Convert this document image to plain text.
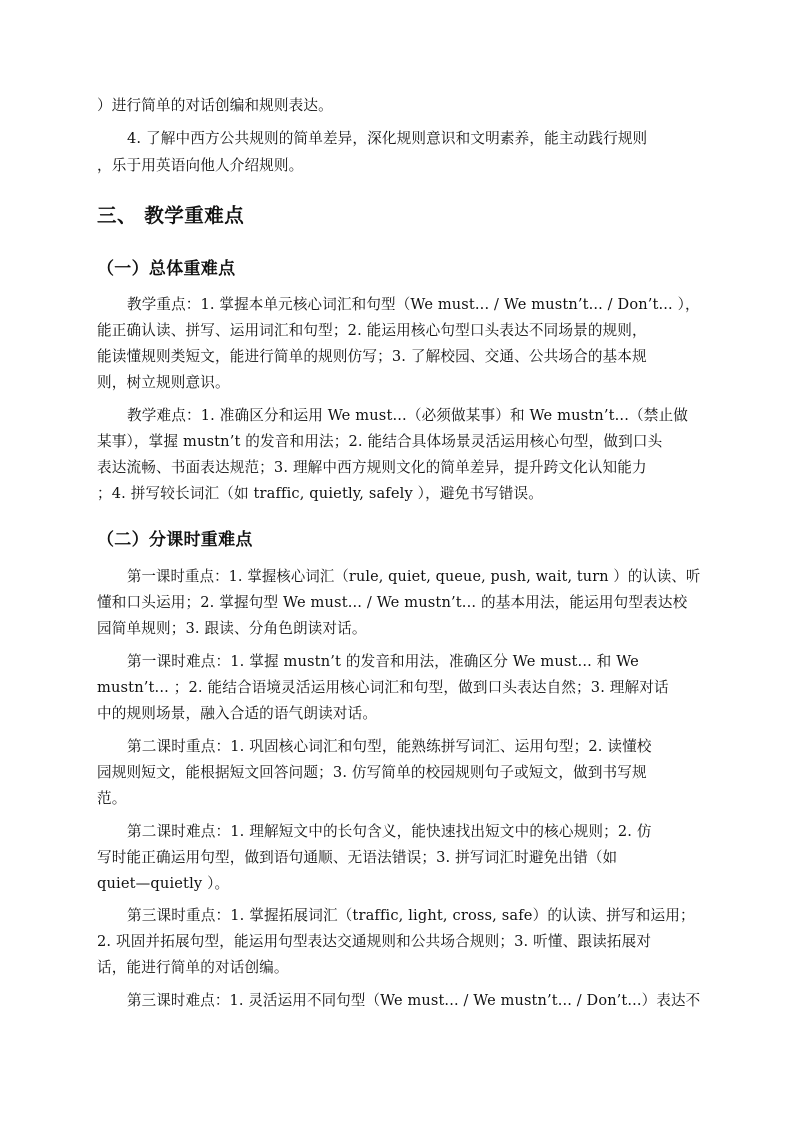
）进行简单的对话创编和规则表达。
4. 了解中西方公共规则的简单差异，深化规则意识和文明素养，能主动践行规则
，乐于用英语向他人介绍规则。
三、 教学重难点
（一）总体重难点
教学重点：1. 掌握本单元核心词汇和句型（We must... / We mustn’t... / Don’t... ），
能正确认读、拼写、运用词汇和句型；2. 能运用核心句型口头表达不同场景的规则，
能读懂规则类短文，能进行简单的规则仿写；3. 了解校园、交通、公共场合的基本规
则，树立规则意识。
教学难点：1. 准确区分和运用 We must...（必须做某事）和 We mustn’t...（禁止做
某事），掌握 mustn’t 的发音和用法；2. 能结合具体场景灵活运用核心句型，做到口头
表达流畅、书面表达规范；3. 理解中西方规则文化的简单差异，提升跨文化认知能力
；4. 拼写较长词汇（如 traffic, quietly, safely ），避免书写错误。
（二）分课时重难点
第一课时重点：1. 掌握核心词汇（rule, quiet, queue, push, wait, turn ）的认读、听
懂和口头运用；2. 掌握句型 We must... / We mustn’t... 的基本用法，能运用句型表达校
园简单规则；3. 跟读、分角色朗读对话。
第一课时难点：1. 掌握 mustn’t 的发音和用法，准确区分 We must... 和 We
mustn’t... ；2. 能结合语境灵活运用核心词汇和句型，做到口头表达自然；3. 理解对话
中的规则场景，融入合适的语气朗读对话。
第二课时重点：1. 巩固核心词汇和句型，能熟练拼写词汇、运用句型；2. 读懂校
园规则短文，能根据短文回答问题；3. 仿写简单的校园规则句子或短文，做到书写规
范。
第二课时难点：1. 理解短文中的长句含义，能快速找出短文中的核心规则；2. 仿
写时能正确运用句型，做到语句通顺、无语法错误；3. 拼写词汇时避免出错（如
quiet—quietly ）。
第三课时重点：1. 掌握拓展词汇（traffic, light, cross, safe）的认读、拼写和运用；
2. 巩固并拓展句型，能运用句型表达交通规则和公共场合规则；3. 听懂、跟读拓展对
话，能进行简单的对话创编。
第三课时难点：1. 灵活运用不同句型（We must... / We mustn’t... / Don’t...）表达不
